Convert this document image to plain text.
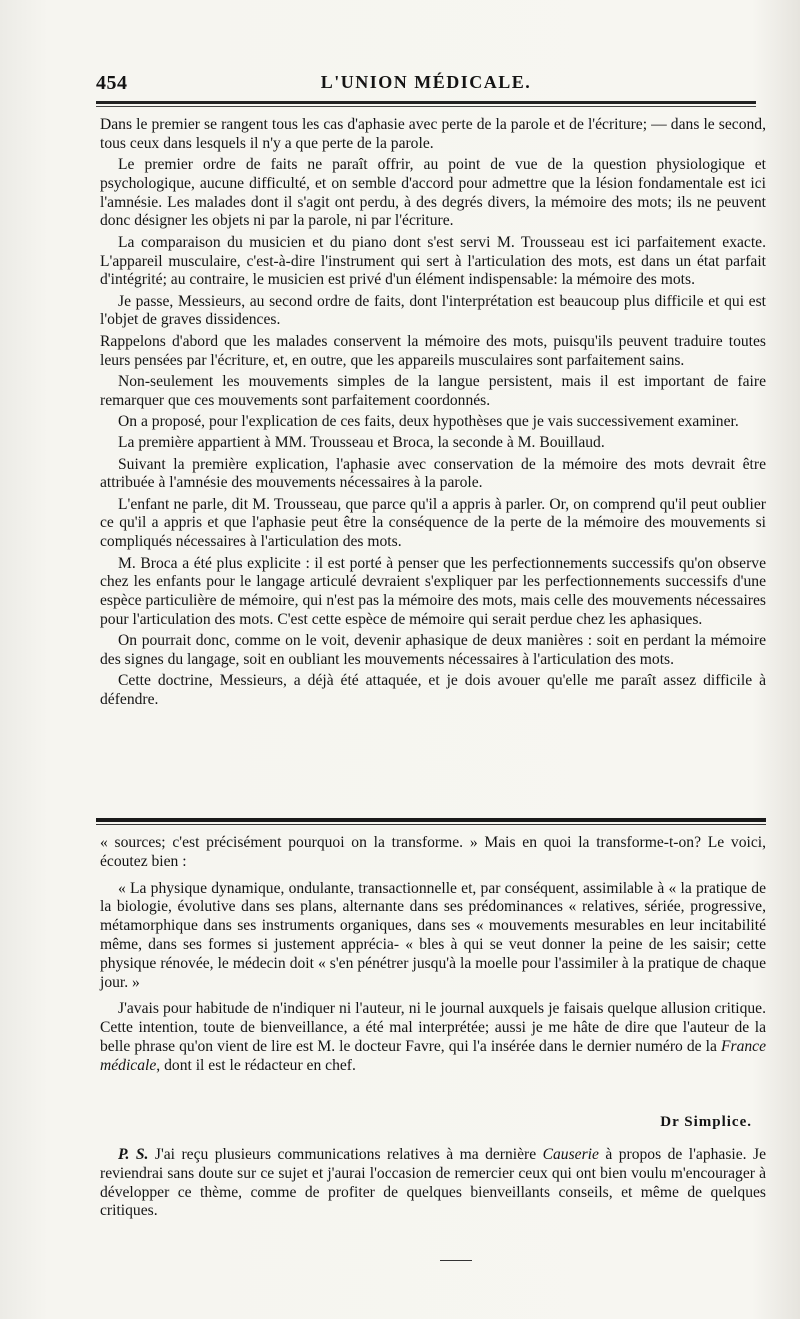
454	L'UNION MÉDICALE.

Dans le premier se rangent tous les cas d'aphasie avec perte de la parole et de l'écriture; — dans le second, tous ceux dans lesquels il n'y a que perte de la parole.

Le premier ordre de faits ne paraît offrir, au point de vue de la question physiologique et psychologique, aucune difficulté, et on semble d'accord pour admettre que la lésion fondamentale est ici l'amnésie. Les malades dont il s'agit ont perdu, à des degrés divers, la mémoire des mots; ils ne peuvent donc désigner les objets ni par la parole, ni par l'écriture.

La comparaison du musicien et du piano dont s'est servi M. Trousseau est ici parfaitement exacte. L'appareil musculaire, c'est-à-dire l'instrument qui sert à l'articulation des mots, est dans un état parfait d'intégrité; au contraire, le musicien est privé d'un élément indispensable: la mémoire des mots.

Je passe, Messieurs, au second ordre de faits, dont l'interprétation est beaucoup plus difficile et qui est l'objet de graves dissidences.

Rappelons d'abord que les malades conservent la mémoire des mots, puisqu'ils peuvent traduire toutes leurs pensées par l'écriture, et, en outre, que les appareils musculaires sont parfaitement sains.

Non-seulement les mouvements simples de la langue persistent, mais il est important de faire remarquer que ces mouvements sont parfaitement coordonnés.

On a proposé, pour l'explication de ces faits, deux hypothèses que je vais successivement examiner.

La première appartient à MM. Trousseau et Broca, la seconde à M. Bouillaud.

Suivant la première explication, l'aphasie avec conservation de la mémoire des mots devrait être attribuée à l'amnésie des mouvements nécessaires à la parole.

L'enfant ne parle, dit M. Trousseau, que parce qu'il a appris à parler. Or, on comprend qu'il peut oublier ce qu'il a appris et que l'aphasie peut être la conséquence de la perte de la mémoire des mouvements si compliqués nécessaires à l'articulation des mots.

M. Broca a été plus explicite : il est porté à penser que les perfectionnements successifs qu'on observe chez les enfants pour le langage articulé devraient s'expliquer par les perfectionnements successifs d'une espèce particulière de mémoire, qui n'est pas la mémoire des mots, mais celle des mouvements nécessaires pour l'articulation des mots. C'est cette espèce de mémoire qui serait perdue chez les aphasiques.

On pourrait donc, comme on le voit, devenir aphasique de deux manières : soit en perdant la mémoire des signes du langage, soit en oubliant les mouvements nécessaires à l'articulation des mots.

Cette doctrine, Messieurs, a déjà été attaquée, et je dois avouer qu'elle me paraît assez difficile à défendre.

« sources; c'est précisément pourquoi on la transforme. » Mais en quoi la transforme-t-on? Le voici, écoutez bien :

« La physique dynamique, ondulante, transactionnelle et, par conséquent, assimilable à « la pratique de la biologie, évolutive dans ses plans, alternante dans ses prédominances « relatives, sériée, progressive, métamorphique dans ses instruments organiques, dans ses « mouvements mesurables en leur incitabilité même, dans ses formes si justement apprécia- « bles à qui se veut donner la peine de les saisir; cette physique rénovée, le médecin doit « s'en pénétrer jusqu'à la moelle pour l'assimiler à la pratique de chaque jour. »

J'avais pour habitude de n'indiquer ni l'auteur, ni le journal auxquels je faisais quelque allusion critique. Cette intention, toute de bienveillance, a été mal interprétée; aussi je me hâte de dire que l'auteur de la belle phrase qu'on vient de lire est M. le docteur Favre, qui l'a insérée dans le dernier numéro de la France médicale, dont il est le rédacteur en chef.

Dr Simplice.

P. S. J'ai reçu plusieurs communications relatives à ma dernière Causerie à propos de l'aphasie. Je reviendrai sans doute sur ce sujet et j'aurai l'occasion de remercier ceux qui ont bien voulu m'encourager à développer ce thème, comme de profiter de quelques bienveillants conseils, et même de quelques critiques.
